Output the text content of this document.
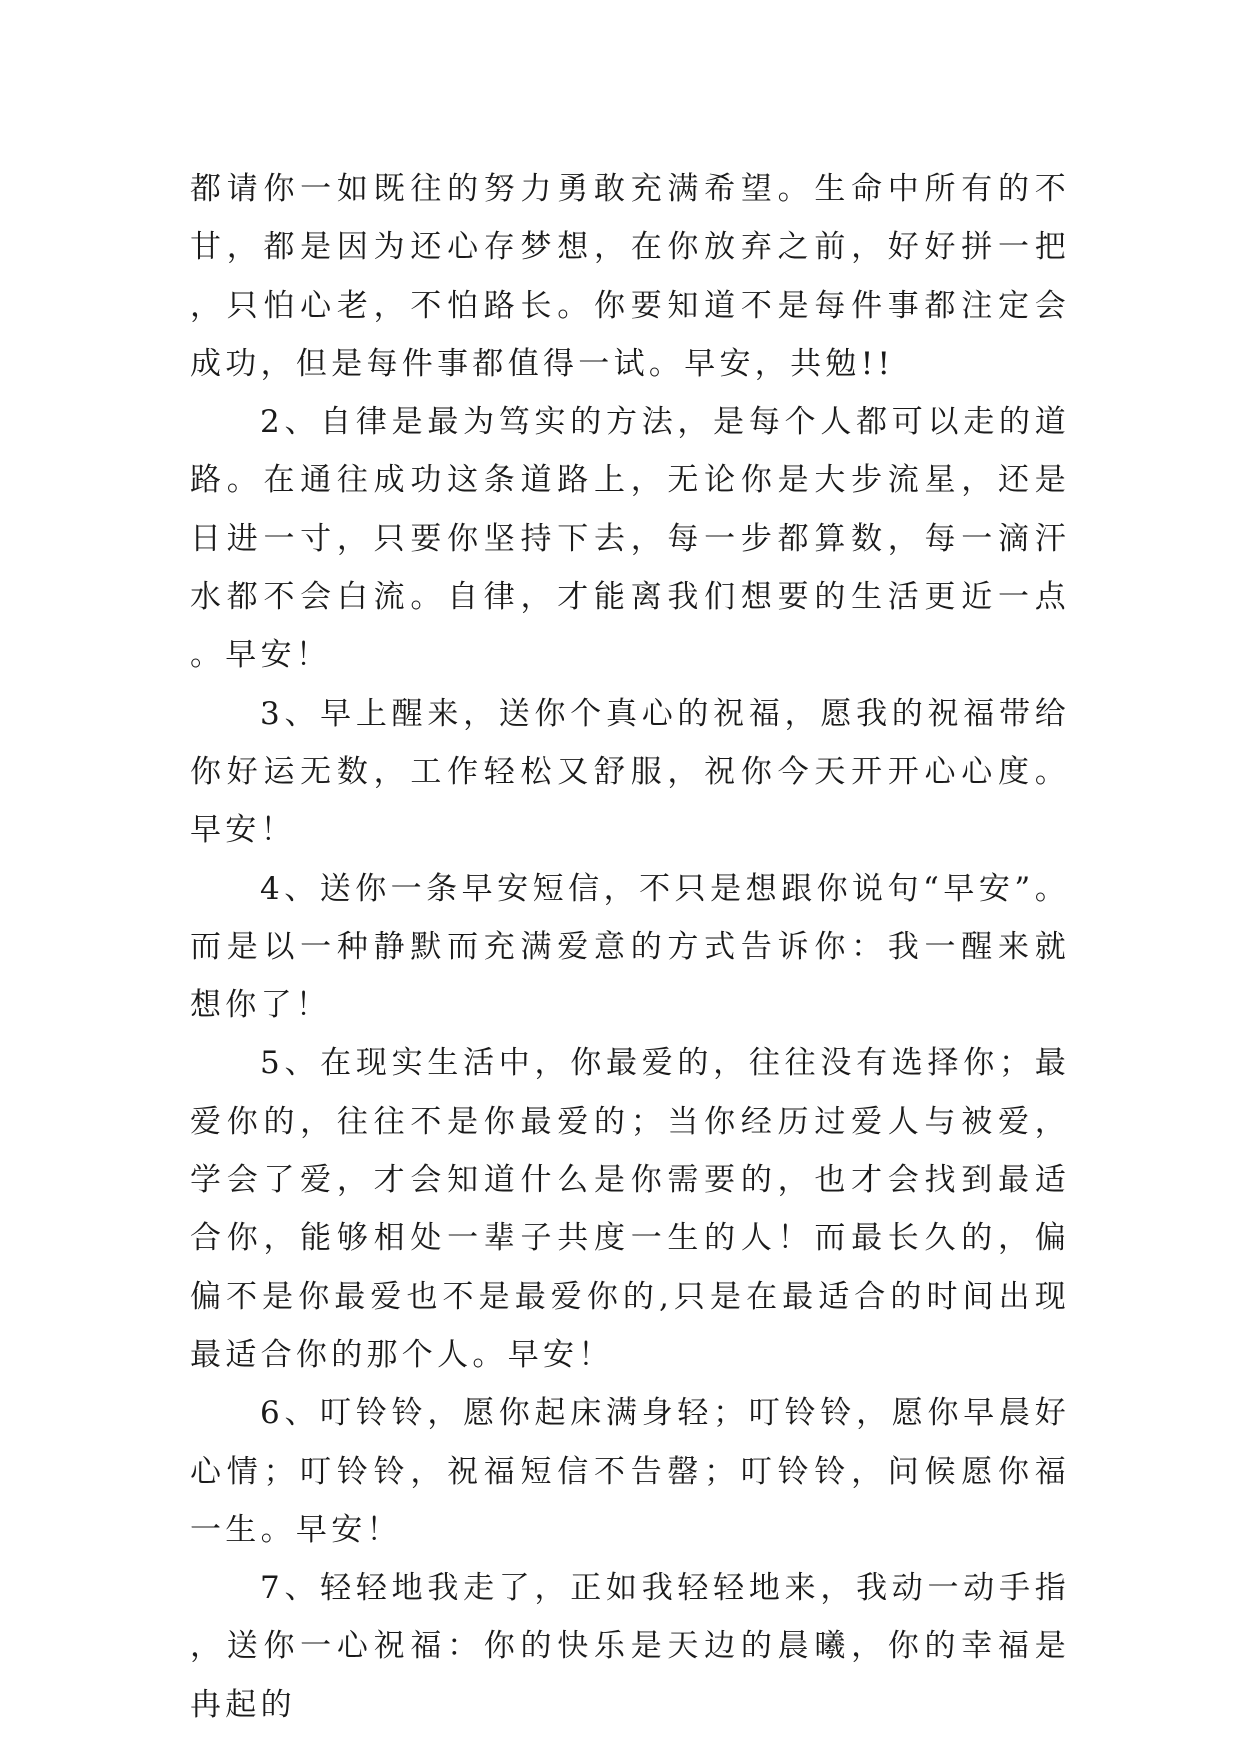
都请你一如既往的努力勇敢充满希望。生命中所有的不甘，都是因为还心存梦想，在你放弃之前，好好拼一把，只怕心老，不怕路长。你要知道不是每件事都注定会成功，但是每件事都值得一试。早安，共勉!!

2、自律是最为笃实的方法，是每个人都可以走的道路。在通往成功这条道路上，无论你是大步流星，还是日进一寸，只要你坚持下去，每一步都算数，每一滴汗水都不会白流。自律，才能离我们想要的生活更近一点。早安！

3、早上醒来，送你个真心的祝福，愿我的祝福带给你好运无数，工作轻松又舒服，祝你今天开开心心度。早安！

4、送你一条早安短信，不只是想跟你说句“早安”。而是以一种静默而充满爱意的方式告诉你：我一醒来就想你了！

5、在现实生活中，你最爱的，往往没有选择你；最爱你的，往往不是你最爱的；当你经历过爱人与被爱，学会了爱，才会知道什么是你需要的，也才会找到最适合你，能够相处一辈子共度一生的人！而最长久的，偏偏不是你最爱也不是最爱你的,只是在最适合的时间出现最适合你的那个人。早安！

6、叮铃铃，愿你起床满身轻；叮铃铃，愿你早晨好心情；叮铃铃，祝福短信不告罄；叮铃铃，问候愿你福一生。早安！

7、轻轻地我走了，正如我轻轻地来，我动一动手指，送你一心祝福：你的快乐是天边的晨曦，你的幸福是冉起的
